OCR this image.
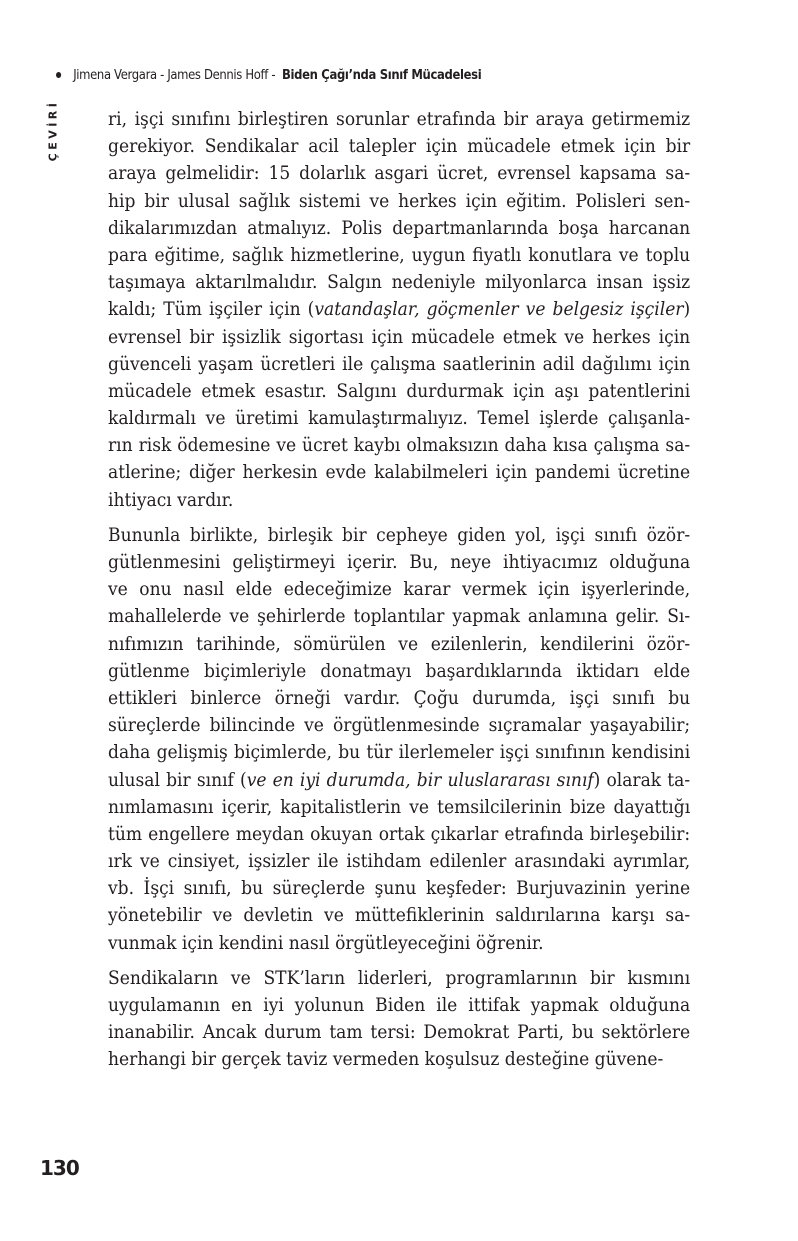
Jimena Vergara - James Dennis Hoff - Biden Çağı’nda Sınıf Mücadelesi
ÇEVİRİ	ri, işçi sınıfını birleştiren sorunlar etrafında bir araya getirmemiz
gerekiyor. Sendikalar acil talepler için mücadele etmek için bir
araya gelmelidir: 15 dolarlık asgari ücret, evrensel kapsama sa-
hip bir ulusal sağlık sistemi ve herkes için eğitim. Polisleri sen-
dikalarımızdan atmalıyız. Polis departmanlarında boşa harcanan
para eğitime, sağlık hizmetlerine, uygun fiyatlı konutlara ve toplu
taşımaya aktarılmalıdır. Salgın nedeniyle milyonlarca insan işsiz
kaldı; Tüm işçiler için (vatandaşlar, göçmenler ve belgesiz işçiler)
evrensel bir işsizlik sigortası için mücadele etmek ve herkes için
güvenceli yaşam ücretleri ile çalışma saatlerinin adil dağılımı için
mücadele etmek esastır. Salgını durdurmak için aşı patentlerini
kaldırmalı ve üretimi kamulaştırmalıyız. Temel işlerde çalışanla-
rın risk ödemesine ve ücret kaybı olmaksızın daha kısa çalışma sa-
atlerine; diğer herkesin evde kalabilmeleri için pandemi ücretine
ihtiyacı vardır.
Bununla birlikte, birleşik bir cepheye giden yol, işçi sınıfı özör-
gütlenmesini geliştirmeyi içerir. Bu, neye ihtiyacımız olduğuna
ve onu nasıl elde edeceğimize karar vermek için işyerlerinde,
mahallelerde ve şehirlerde toplantılar yapmak anlamına gelir. Sı-
nıfımızın tarihinde, sömürülen ve ezilenlerin, kendilerini özör-
gütlenme biçimleriyle donatmayı başardıklarında iktidarı elde
ettikleri binlerce örneği vardır. Çoğu durumda, işçi sınıfı bu
süreçlerde bilincinde ve örgütlenmesinde sıçramalar yaşayabilir;
daha gelişmiş biçimlerde, bu tür ilerlemeler işçi sınıfının kendisini
ulusal bir sınıf (ve en iyi durumda, bir uluslararası sınıf) olarak ta-
nımlamasını içerir, kapitalistlerin ve temsilcilerinin bize dayattığı
tüm engellere meydan okuyan ortak çıkarlar etrafında birleşebilir:
ırk ve cinsiyet, işsizler ile istihdam edilenler arasındaki ayrımlar,
vb. İşçi sınıfı, bu süreçlerde şunu keşfeder: Burjuvazinin yerine
yönetebilir ve devletin ve müttefiklerinin saldırılarına karşı sa-
vunmak için kendini nasıl örgütleyeceğini öğrenir.
Sendikaların ve STK’ların liderleri, programlarının bir kısmını
uygulamanın en iyi yolunun Biden ile ittifak yapmak olduğuna
inanabilir. Ancak durum tam tersi: Demokrat Parti, bu sektörlere
herhangi bir gerçek taviz vermeden koşulsuz desteğine güvene-
130
